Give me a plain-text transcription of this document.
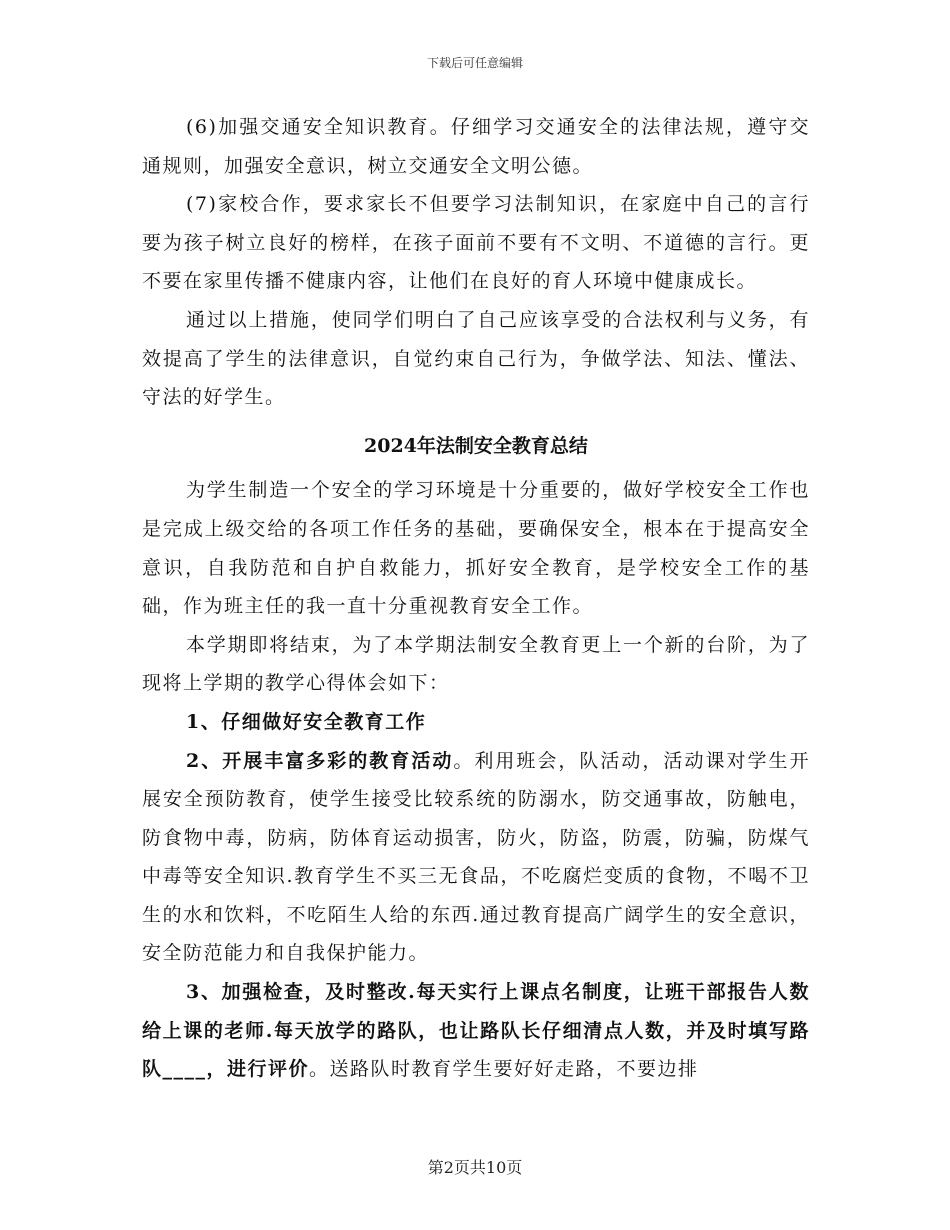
下载后可任意编辑

(6)加强交通安全知识教育。仔细学习交通安全的法律法规，遵守交通规则，加强安全意识，树立交通安全文明公德。

(7)家校合作，要求家长不但要学习法制知识，在家庭中自己的言行要为孩子树立良好的榜样，在孩子面前不要有不文明、不道德的言行。更不要在家里传播不健康内容，让他们在良好的育人环境中健康成长。

通过以上措施，使同学们明白了自己应该享受的合法权利与义务，有效提高了学生的法律意识，自觉约束自己行为，争做学法、知法、懂法、守法的好学生。

2024年法制安全教育总结

为学生制造一个安全的学习环境是十分重要的，做好学校安全工作也是完成上级交给的各项工作任务的基础，要确保安全，根本在于提高安全意识，自我防范和自护自救能力，抓好安全教育，是学校安全工作的基础，作为班主任的我一直十分重视教育安全工作。

本学期即将结束，为了本学期法制安全教育更上一个新的台阶，为了现将上学期的教学心得体会如下：

1、仔细做好安全教育工作

2、开展丰富多彩的教育活动。利用班会，队活动，活动课对学生开展安全预防教育，使学生接受比较系统的防溺水，防交通事故，防触电，防食物中毒，防病，防体育运动损害，防火，防盗，防震，防骗，防煤气中毒等安全知识.教育学生不买三无食品，不吃腐烂变质的食物，不喝不卫生的水和饮料，不吃陌生人给的东西.通过教育提高广阔学生的安全意识，安全防范能力和自我保护能力。

3、加强检查，及时整改.每天实行上课点名制度，让班干部报告人数给上课的老师.每天放学的路队，也让路队长仔细清点人数，并及时填写路队____，进行评价。送路队时教育学生要好好走路，不要边排

第2页共10页
